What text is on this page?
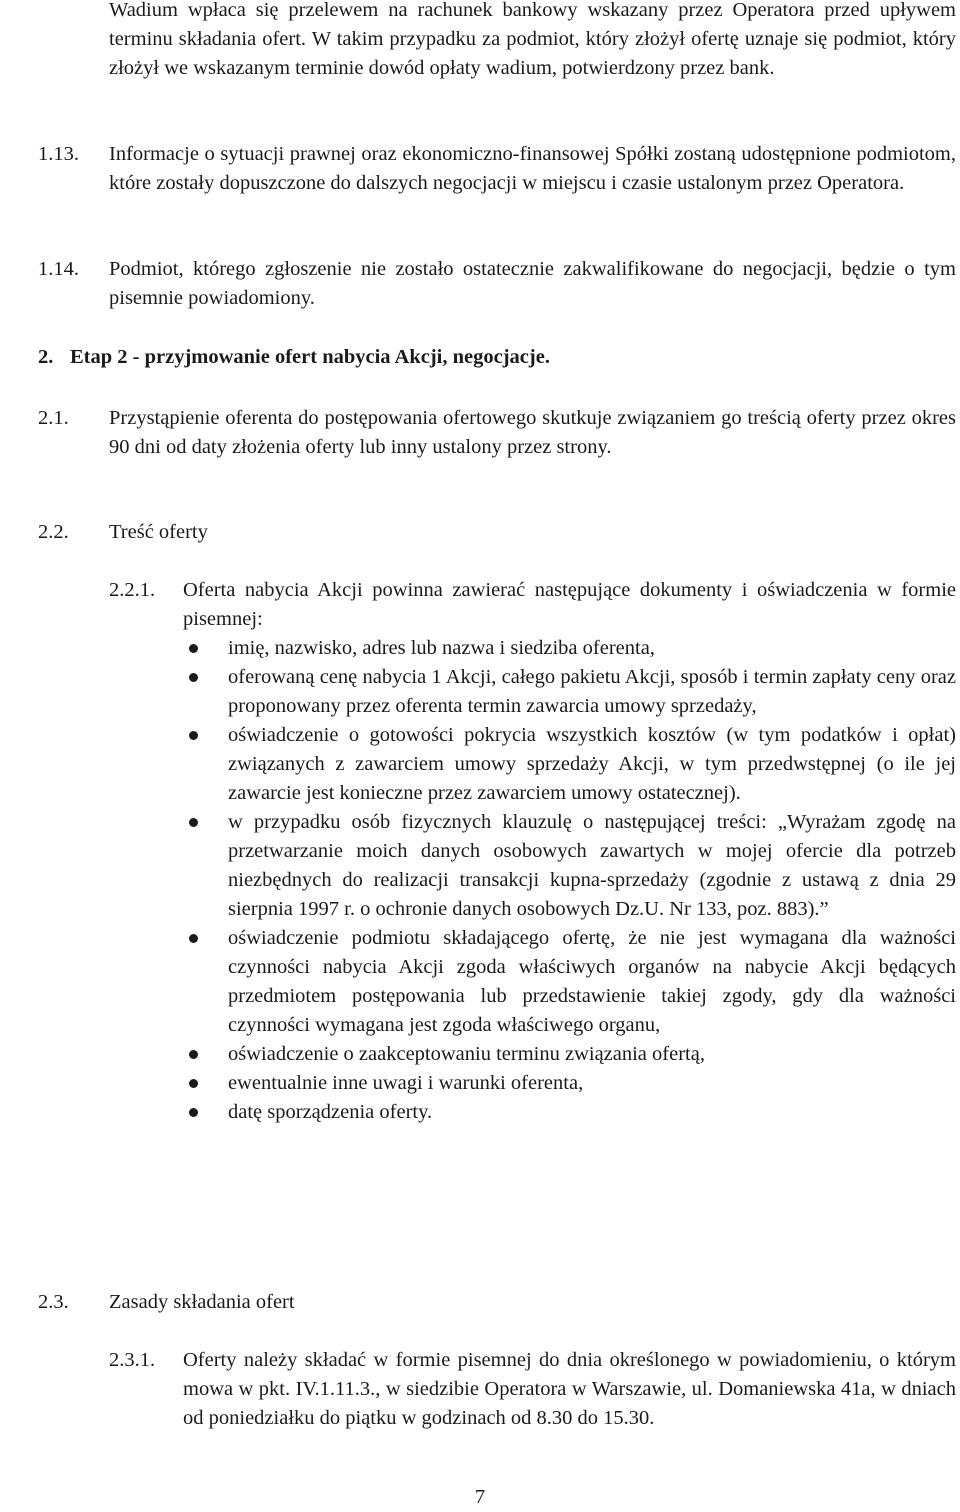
Wadium wpłaca się przelewem na rachunek bankowy wskazany przez Operatora przed upływem terminu składania ofert. W takim przypadku za podmiot, który złożył ofertę uznaje się podmiot, który złożył we wskazanym terminie dowód opłaty wadium, potwierdzony przez bank.
1.13. Informacje o sytuacji prawnej oraz ekonomiczno-finansowej Spółki zostaną udostępnione podmiotom, które zostały dopuszczone do dalszych negocjacji w miejscu i czasie ustalonym przez Operatora.
1.14. Podmiot, którego zgłoszenie nie zostało ostatecznie zakwalifikowane do negocjacji, będzie o tym pisemnie powiadomiony.
2. Etap 2 - przyjmowanie ofert nabycia Akcji, negocjacje.
2.1. Przystąpienie oferenta do postępowania ofertowego skutkuje związaniem go treścią oferty przez okres 90 dni od daty złożenia oferty lub inny ustalony przez strony.
2.2. Treść oferty
2.2.1. Oferta nabycia Akcji powinna zawierać następujące dokumenty i oświadczenia w formie pisemnej:
imię, nazwisko, adres lub nazwa i siedziba oferenta,
oferowaną cenę nabycia 1 Akcji, całego pakietu Akcji, sposób i termin zapłaty ceny oraz proponowany przez oferenta termin zawarcia umowy sprzedaży,
oświadczenie o gotowości pokrycia wszystkich kosztów (w tym podatków i opłat) związanych z zawarciem umowy sprzedaży Akcji, w tym przedwstępnej (o ile jej zawarcie jest konieczne przez zawarciem umowy ostatecznej).
w przypadku osób fizycznych klauzulę o następującej treści: „Wyrażam zgodę na przetwarzanie moich danych osobowych zawartych w mojej ofercie dla potrzeb niezbędnych do realizacji transakcji kupna-sprzedaży (zgodnie z ustawą z dnia 29 sierpnia 1997 r. o ochronie danych osobowych Dz.U. Nr 133, poz. 883).”
oświadczenie podmiotu składającego ofertę, że nie jest wymagana dla ważności czynności nabycia Akcji zgoda właściwych organów na nabycie Akcji będących przedmiotem postępowania lub przedstawienie takiej zgody, gdy dla ważności czynności wymagana jest zgoda właściwego organu,
oświadczenie o zaakceptowaniu terminu związania ofertą,
ewentualnie inne uwagi i warunki oferenta,
datę sporządzenia oferty.
2.3. Zasady składania ofert
2.3.1. Oferty należy składać w formie pisemnej do dnia określonego w powiadomieniu, o którym mowa w pkt. IV.1.11.3., w siedzibie Operatora w Warszawie, ul. Domaniewska 41a, w dniach od poniedziałku do piątku w godzinach od 8.30 do 15.30.
7
